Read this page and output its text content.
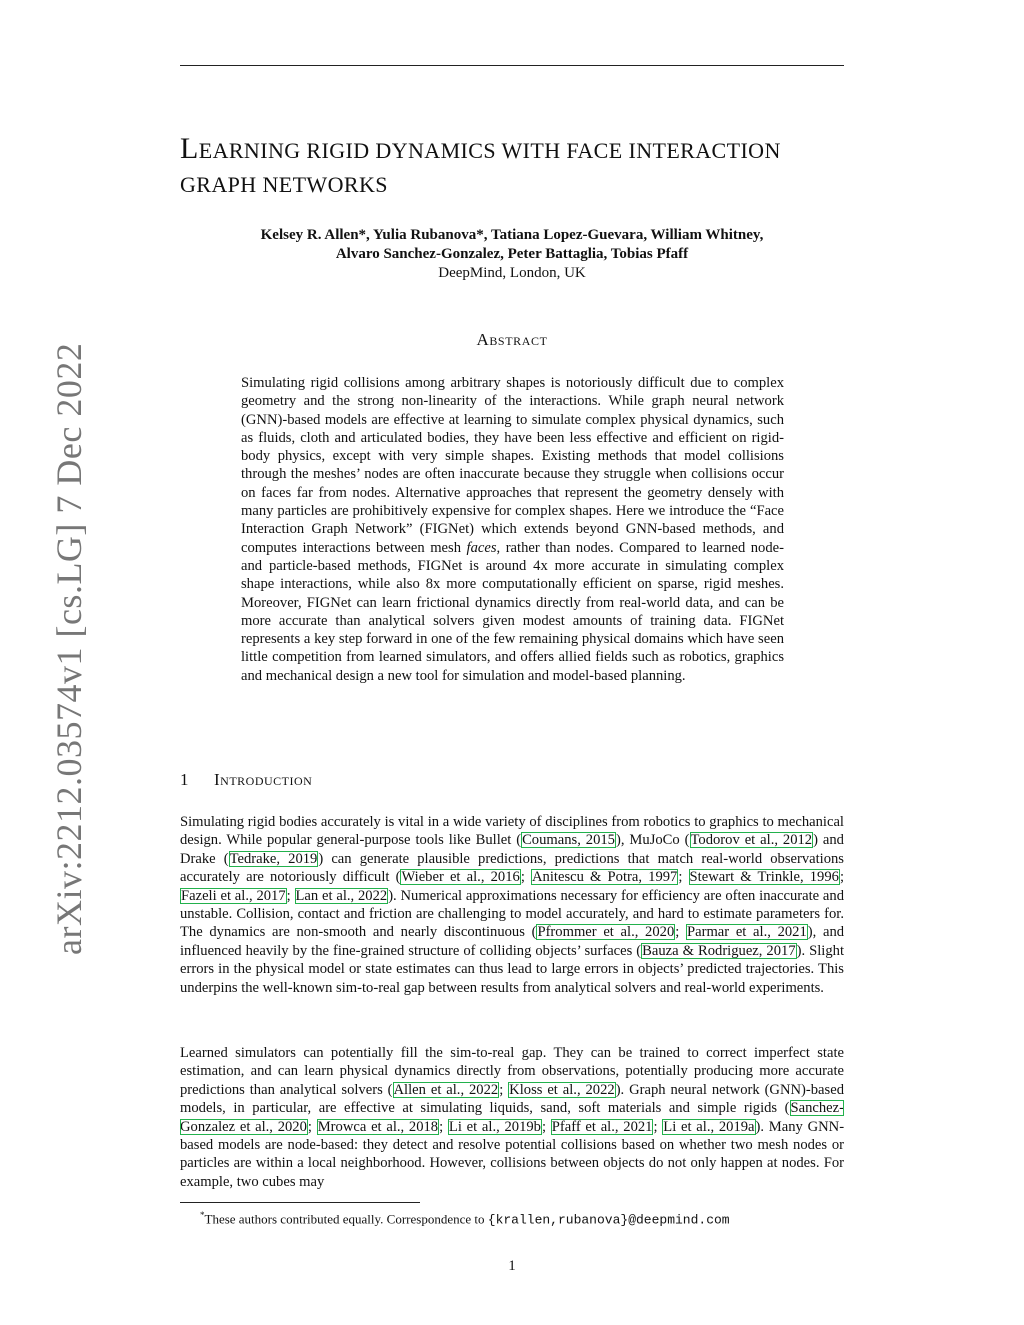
arXiv:2212.03574v1 [cs.LG] 7 Dec 2022
LEARNING RIGID DYNAMICS WITH FACE INTERACTION
GRAPH NETWORKS
Kelsey R. Allen*, Yulia Rubanova*, Tatiana Lopez-Guevara, William Whitney,
Alvaro Sanchez-Gonzalez, Peter Battaglia, Tobias Pfaff
DeepMind, London, UK
Abstract
Simulating rigid collisions among arbitrary shapes is notoriously difficult due to complex geometry and the strong non-linearity of the interactions. While graph neural network (GNN)-based models are effective at learning to simulate complex physical dynamics, such as fluids, cloth and articulated bodies, they have been less effective and efficient on rigid-body physics, except with very simple shapes. Existing methods that model collisions through the meshes’ nodes are often inaccurate because they struggle when collisions occur on faces far from nodes. Alternative approaches that represent the geometry densely with many particles are prohibitively expensive for complex shapes. Here we introduce the “Face Interaction Graph Network” (FIGNet) which extends beyond GNN-based methods, and computes interactions between mesh faces, rather than nodes. Compared to learned node- and particle-based methods, FIGNet is around 4x more accurate in simulating complex shape interactions, while also 8x more computationally efficient on sparse, rigid meshes. Moreover, FIGNet can learn frictional dynamics directly from real-world data, and can be more accurate than analytical solvers given modest amounts of training data. FIGNet represents a key step forward in one of the few remaining physical domains which have seen little competition from learned simulators, and offers allied fields such as robotics, graphics and mechanical design a new tool for simulation and model-based planning.
1 Introduction
Simulating rigid bodies accurately is vital in a wide variety of disciplines from robotics to graphics to mechanical design. While popular general-purpose tools like Bullet (Coumans, 2015), MuJoCo (Todorov et al., 2012) and Drake (Tedrake, 2019) can generate plausible predictions, predictions that match real-world observations accurately are notoriously difficult (Wieber et al., 2016; Anitescu & Potra, 1997; Stewart & Trinkle, 1996; Fazeli et al., 2017; Lan et al., 2022). Numerical approximations necessary for efficiency are often inaccurate and unstable. Collision, contact and friction are challenging to model accurately, and hard to estimate parameters for. The dynamics are non-smooth and nearly discontinuous (Pfrommer et al., 2020; Parmar et al., 2021), and influenced heavily by the fine-grained structure of colliding objects’ surfaces (Bauza & Rodriguez, 2017). Slight errors in the physical model or state estimates can thus lead to large errors in objects’ predicted trajectories. This underpins the well-known sim-to-real gap between results from analytical solvers and real-world experiments.
Learned simulators can potentially fill the sim-to-real gap. They can be trained to correct imperfect state estimation, and can learn physical dynamics directly from observations, potentially producing more accurate predictions than analytical solvers (Allen et al., 2022; Kloss et al., 2022). Graph neural network (GNN)-based models, in particular, are effective at simulating liquids, sand, soft materials and simple rigids (Sanchez-Gonzalez et al., 2020; Mrowca et al., 2018; Li et al., 2019b; Pfaff et al., 2021; Li et al., 2019a). Many GNN-based models are node-based: they detect and resolve potential collisions based on whether two mesh nodes or particles are within a local neighborhood. However, collisions between objects do not only happen at nodes. For example, two cubes may
*These authors contributed equally. Correspondence to {krallen,rubanova}@deepmind.com
1
